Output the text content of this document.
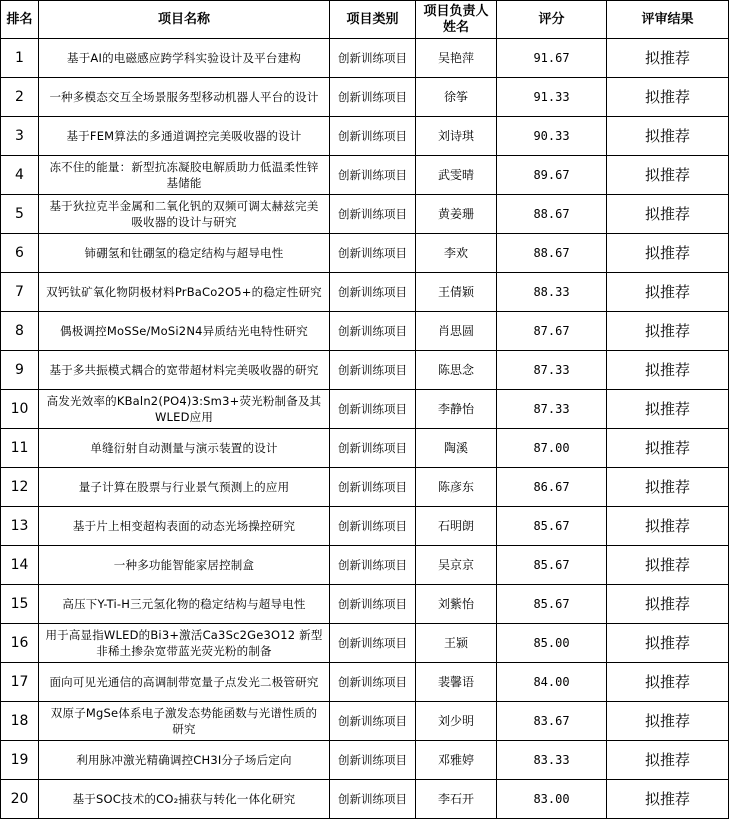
排名	项目名称	项目类别	项目负责人姓名	评分	评审结果
1	基于AI的电磁感应跨学科实验设计及平台建构	创新训练项目	吴艳萍	91.67	拟推荐
2	一种多模态交互全场景服务型移动机器人平台的设计	创新训练项目	徐筝	91.33	拟推荐
3	基于FEM算法的多通道调控完美吸收器的设计	创新训练项目	刘诗琪	90.33	拟推荐
4	冻不住的能量：新型抗冻凝胶电解质助力低温柔性锌基储能	创新训练项目	武雯晴	89.67	拟推荐
5	基于狄拉克半金属和二氧化钒的双频可调太赫兹完美吸收器的设计与研究	创新训练项目	黄姜珊	88.67	拟推荐
6	铈硼氢和钍硼氢的稳定结构与超导电性	创新训练项目	李欢	88.67	拟推荐
7	双钙钛矿氧化物阴极材料PrBaCo2O5+的稳定性研究	创新训练项目	王倩颖	88.33	拟推荐
8	偶极调控MoSSe/MoSi2N4异质结光电特性研究	创新训练项目	肖思圆	87.67	拟推荐
9	基于多共振模式耦合的宽带超材料完美吸收器的研究	创新训练项目	陈思念	87.33	拟推荐
10	高发光效率的KBaln2(PO4)3:Sm3+荧光粉制备及其WLED应用	创新训练项目	李静怡	87.33	拟推荐
11	单缝衍射自动测量与演示装置的设计	创新训练项目	陶溪	87.00	拟推荐
12	量子计算在股票与行业景气预测上的应用	创新训练项目	陈彦东	86.67	拟推荐
13	基于片上相变超构表面的动态光场操控研究	创新训练项目	石明朗	85.67	拟推荐
14	一种多功能智能家居控制盒	创新训练项目	吴京京	85.67	拟推荐
15	高压下Y-Ti-H三元氢化物的稳定结构与超导电性	创新训练项目	刘紫怡	85.67	拟推荐
16	用于高显指WLED的Bi3+激活Ca3Sc2Ge3O12 新型非稀土掺杂宽带蓝光荧光粉的制备	创新训练项目	王颍	85.00	拟推荐
17	面向可见光通信的高调制带宽量子点发光二极管研究	创新训练项目	裴馨语	84.00	拟推荐
18	双原子MgSe体系电子激发态势能函数与光谱性质的研究	创新训练项目	刘少明	83.67	拟推荐
19	利用脉冲激光精确调控CH3I分子场后定向	创新训练项目	邓雅婷	83.33	拟推荐
20	基于SOC技术的CO₂捕获与转化一体化研究	创新训练项目	李石开	83.00	拟推荐
